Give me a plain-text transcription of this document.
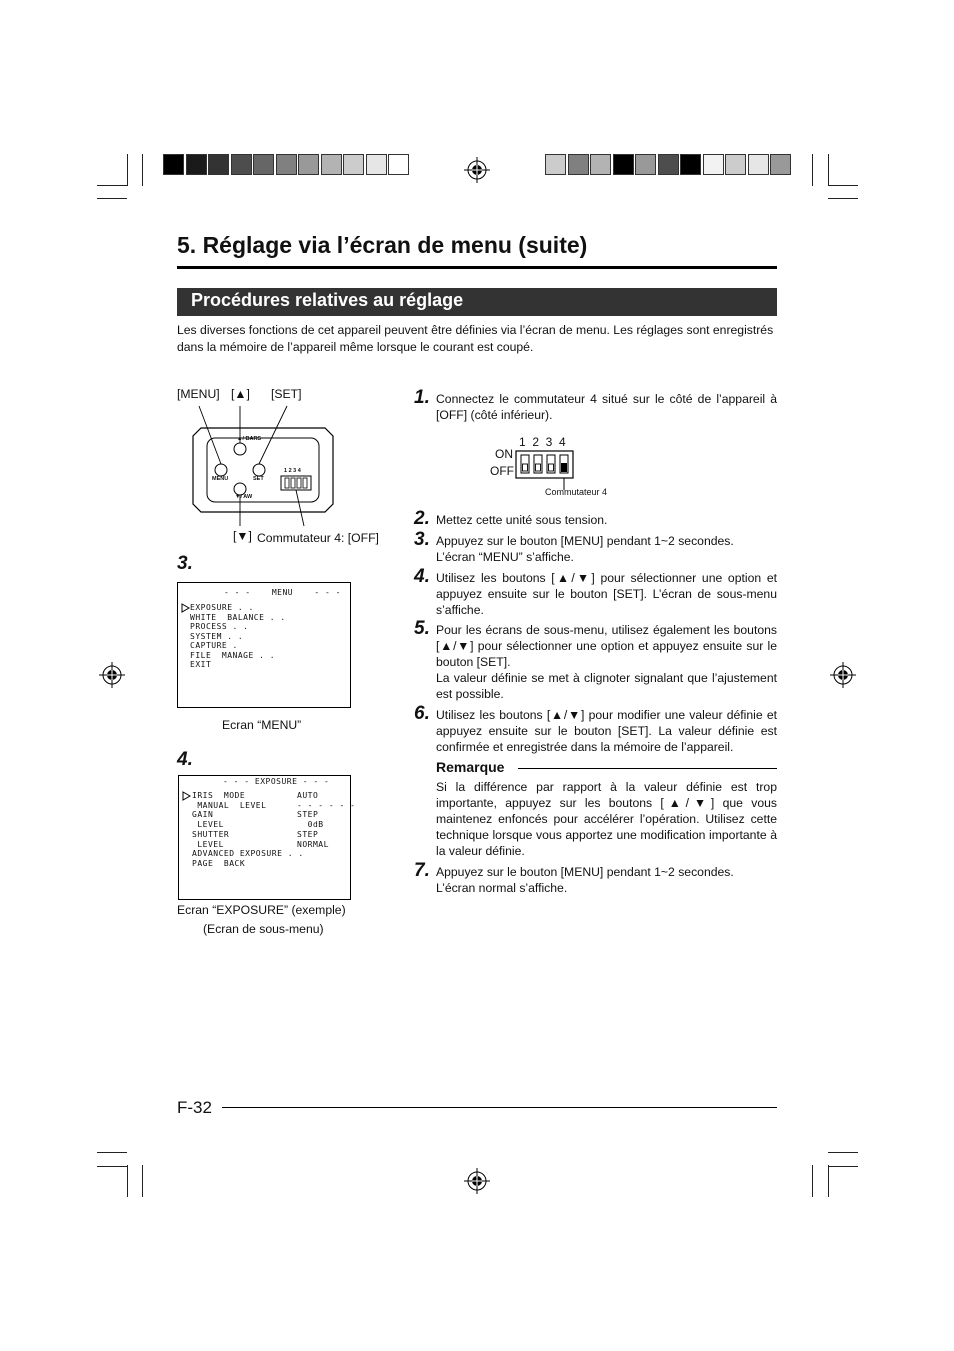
5. Réglage via l’écran de menu (suite)
Procédures relatives au réglage
Les diverses fonctions de cet appareil peuvent être définies via l’écran de menu. Les réglages sont enregistrés dans la mémoire de l’appareil même lorsque le courant est coupé.
[MENU] [▲] [SET]
▲/ BARS
MENU	SET
▼/ AW
1 2 3 4
[▼] Commutateur 4: [OFF]
3.
- - -    MENU    - - -
EXPOSURE . .
WHITE  BALANCE . .
PROCESS . .
SYSTEM . .
CAPTURE .
FILE  MANAGE . .
EXIT
Ecran “MENU”
4.
- - - EXPOSURE - - -
IRIS  MODE	AUTO
MANUAL  LEVEL	- - - - - -
GAIN	STEP
LEVEL	0dB
SHUTTER	STEP
LEVEL	NORMAL
ADVANCED EXPOSURE . .
PAGE  BACK
Ecran “EXPOSURE” (exemple)
(Ecran de sous-menu)
1. Connectez le commutateur 4 situé sur le côté de l’appareil à [OFF] (côté inférieur).
1  2  3  4
ON
OFF
Commutateur 4
2. Mettez cette unité sous tension.
3. Appuyez sur le bouton [MENU] pendant 1~2 secondes.
L’écran “MENU” s’affiche.
4. Utilisez les boutons [▲/▼] pour sélectionner une option et appuyez ensuite sur le bouton [SET]. L’écran de sous-menu s’affiche.
5. Pour les écrans de sous-menu, utilisez également les boutons [▲/▼] pour sélectionner une option et appuyez ensuite sur le bouton [SET].
La valeur définie se met à clignoter signalant que l’ajustement est possible.
6. Utilisez les boutons [▲/▼] pour modifier une valeur définie et appuyez ensuite sur le bouton [SET]. La valeur définie est confirmée et enregistrée dans la mémoire de l’appareil.
Remarque
Si la différence par rapport à la valeur définie est trop importante, appuyez sur les boutons [▲/▼] que vous maintenez enfoncés pour accélérer l’opération. Utilisez cette technique lorsque vous apportez une modification importante à la valeur définie.
7. Appuyez sur le bouton [MENU] pendant 1~2 secondes.
L’écran normal s’affiche.
F-32
